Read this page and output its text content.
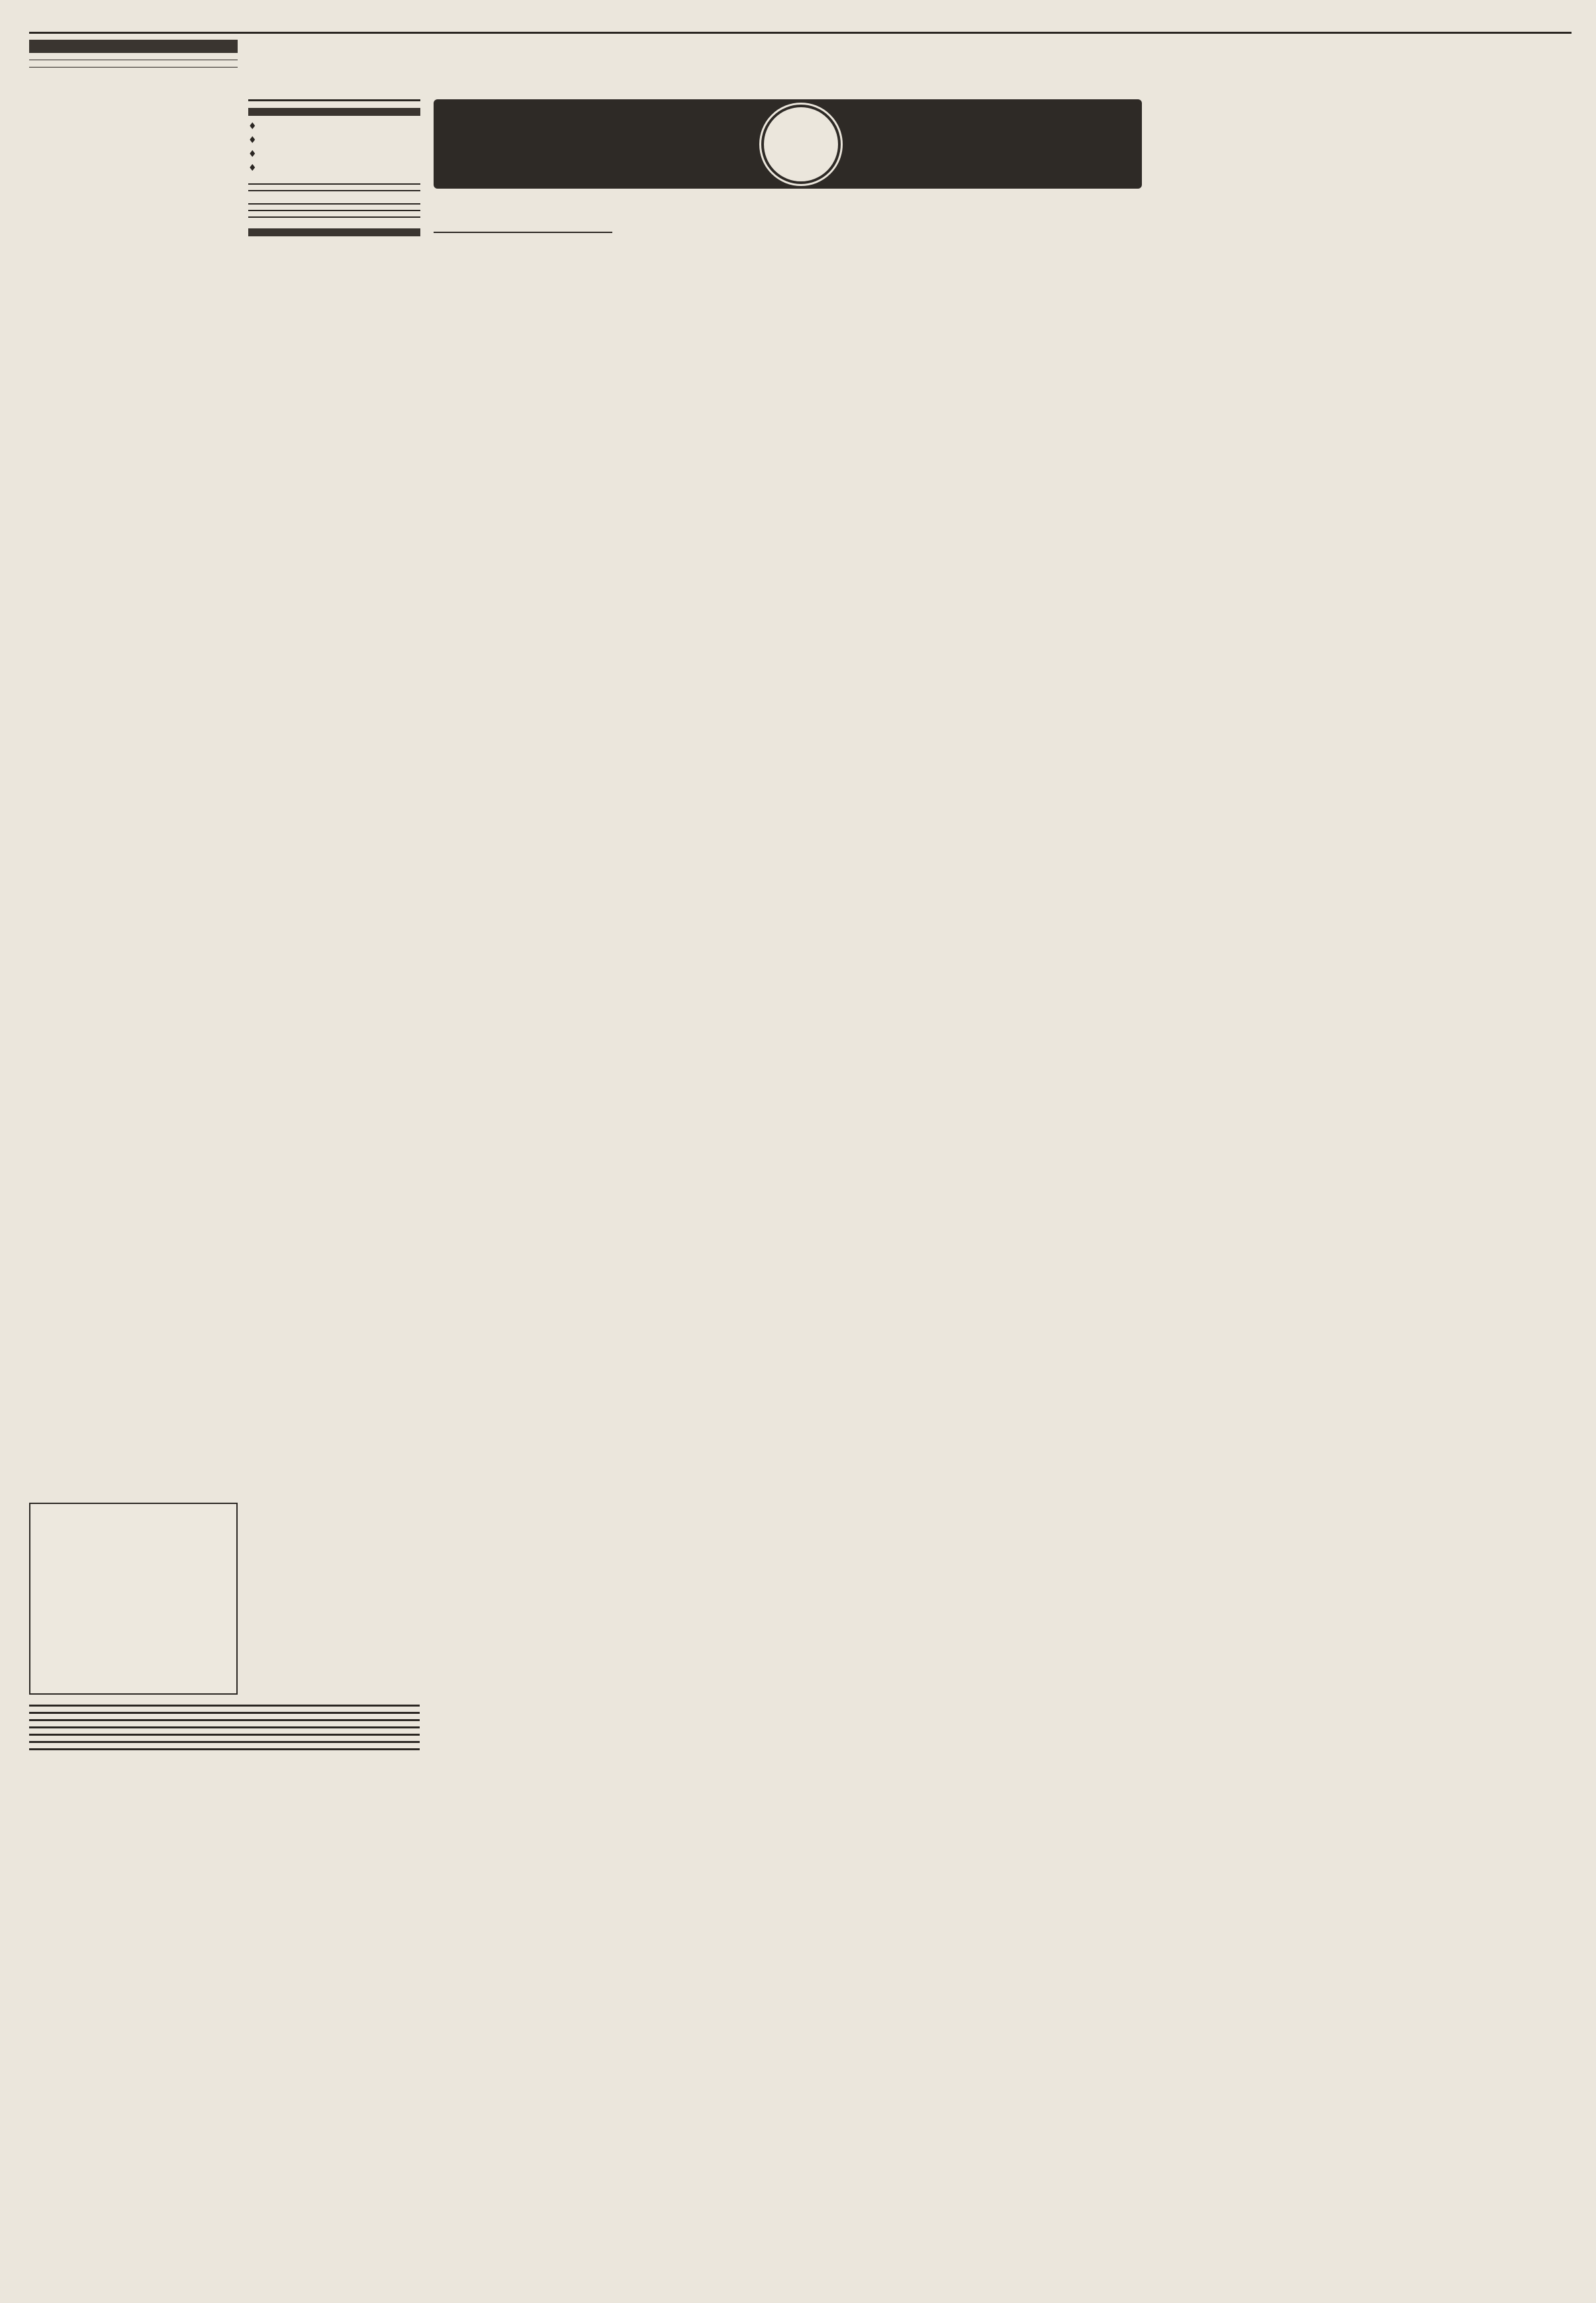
♦
♦
♦
♦
